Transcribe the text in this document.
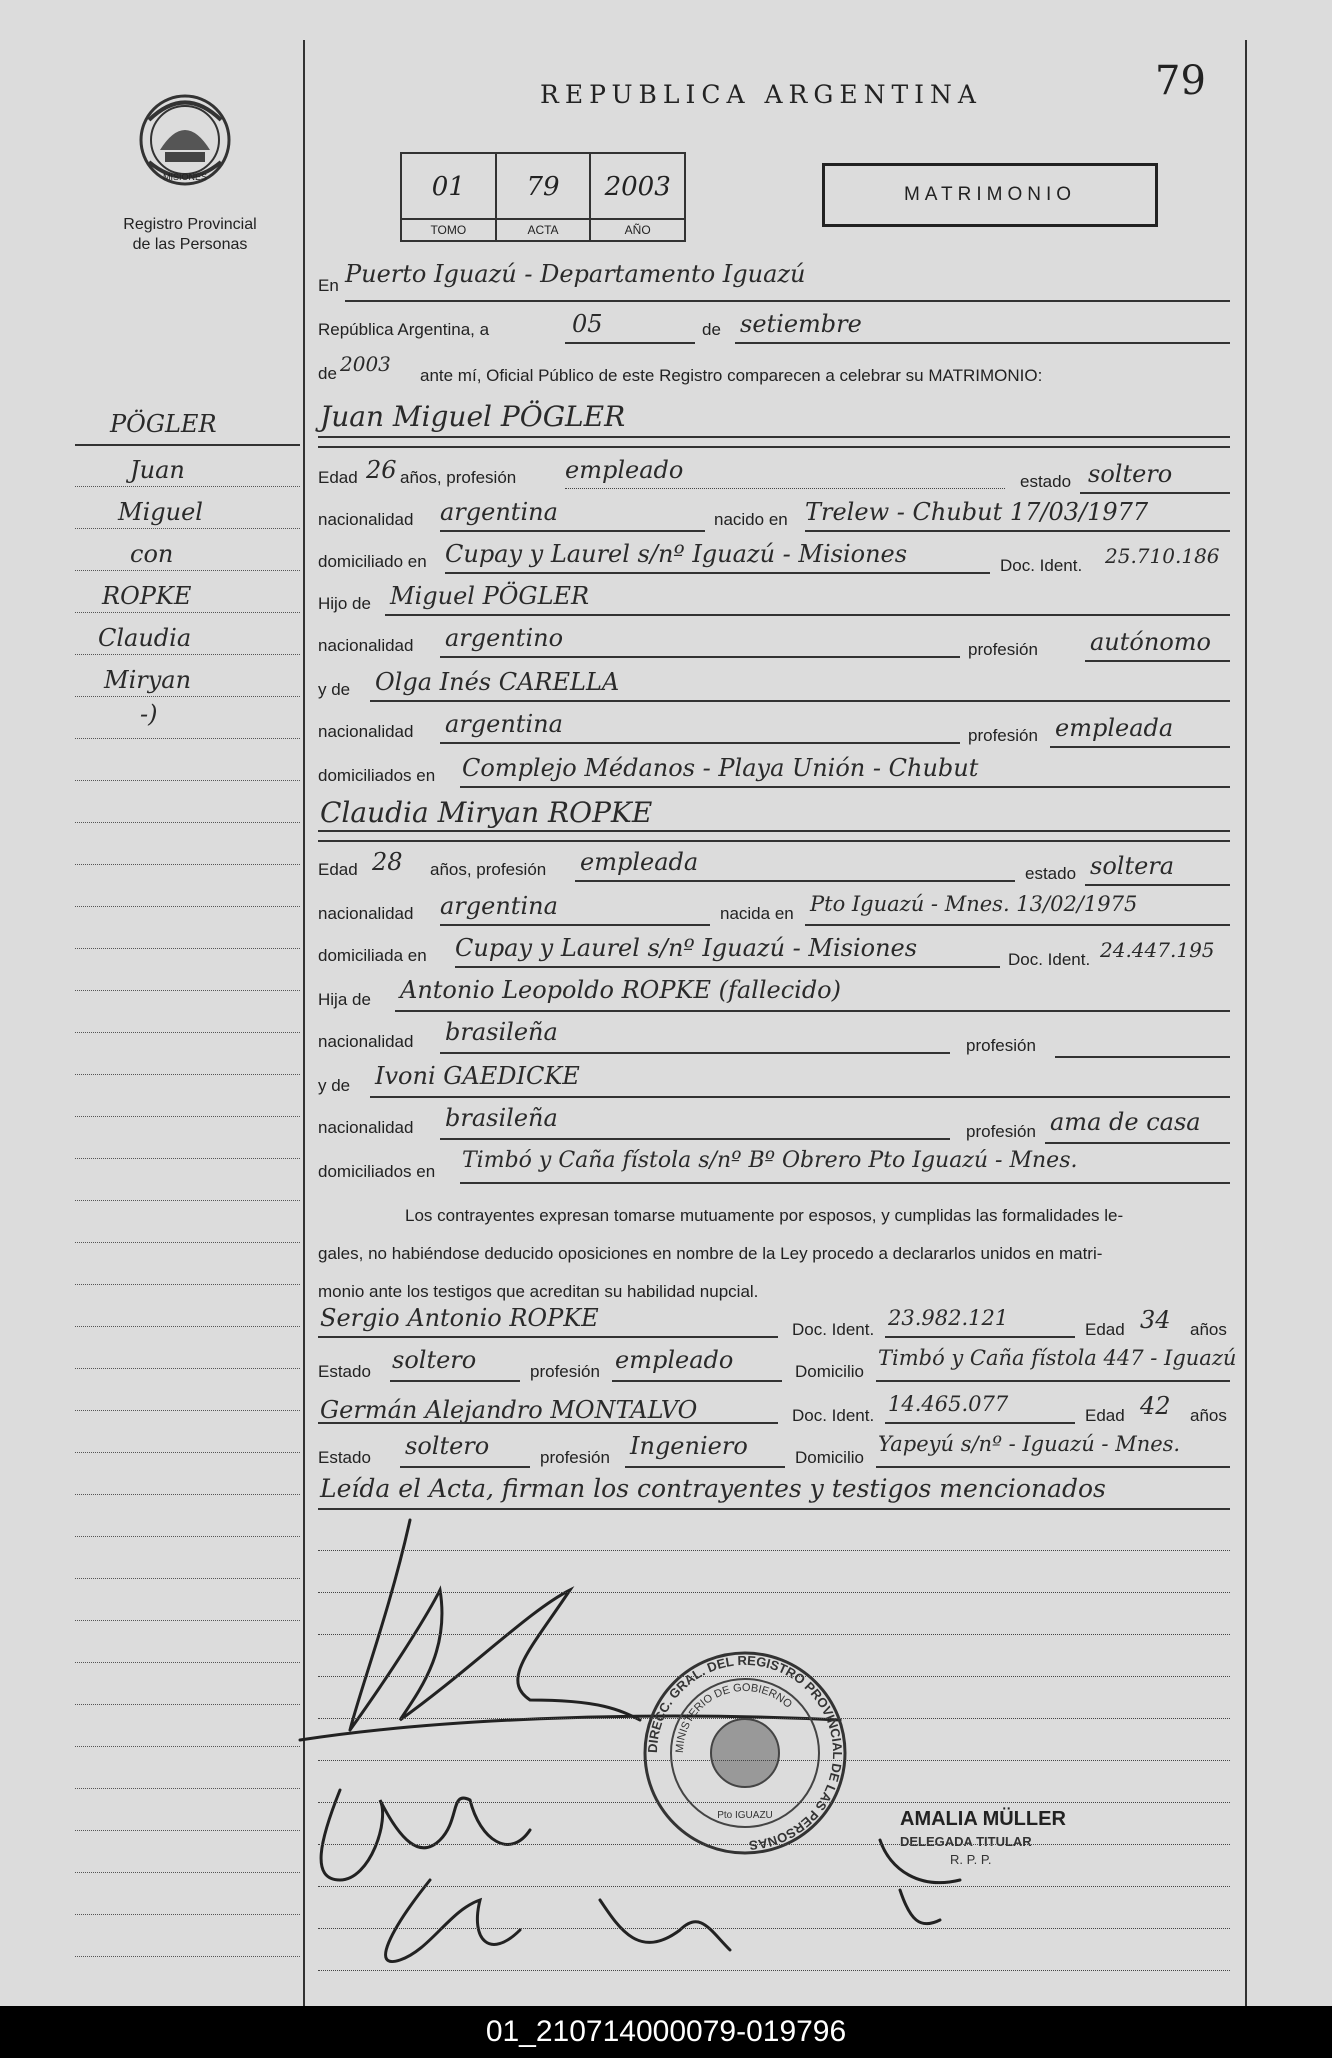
MISIONES
Registro Provincial
de las Personas
REPUBLICA ARGENTINA	79
01
TOMO
79
ACTA
2003
AÑO
MATRIMONIO
PÖGLER
Juan
Miguel
con
ROPKE
Claudia
Miryan
-)
En Puerto Iguazú - Departamento Iguazú
República Argentina, a	05	de setiembre
de 2003 ante mí, Oficial Público de este Registro comparecen a celebrar su MATRIMONIO:
Juan Miguel PÖGLER
Edad 26 años, profesión empleado	estado soltero
nacionalidad argentina	nacido en Trelew - Chubut 17/03/1977
domiciliado en Cupay y Laurel s/nº Iguazú - Misiones	Doc. Ident. 25.710.186
Hijo de Miguel PÖGLER
nacionalidad argentino	profesión autónomo
y de Olga Inés CARELLA
nacionalidad argentina	profesión empleada
domiciliados en Complejo Médanos - Playa Unión - Chubut
Claudia Miryan ROPKE
Edad 28 años, profesión empleada	estado soltera
nacionalidad argentina	nacida en Pto Iguazú - Mnes. 13/02/1975
domiciliada en Cupay y Laurel s/nº Iguazú - Misiones	Doc. Ident. 24.447.195
Hija de Antonio Leopoldo ROPKE (fallecido)
nacionalidad brasileña	profesión
y de Ivoni GAEDICKE
nacionalidad brasileña	profesión ama de casa
domiciliados en Timbó y Caña fístola s/nº Bº Obrero Pto Iguazú - Mnes.
Los contrayentes expresan tomarse mutuamente por esposos, y cumplidas las formalidades le-
gales, no habiéndose deducido oposiciones en nombre de la Ley procedo a declararlos unidos en matri-
monio ante los testigos que acreditan su habilidad nupcial.
Sergio Antonio ROPKE	Doc. Ident. 23.982.121	Edad 34 años
Estado soltero	profesión empleado	Domicilio
Timbó y Caña fístola 447 - Iguazú
Germán Alejandro MONTALVO	Doc. Ident. 14.465.077	Edad 42 años
Estado soltero	profesión Ingeniero	Domicilio
Yapeyú s/nº - Iguazú - Mnes.
Leída el Acta, firman los contrayentes y testigos mencionados
DIRECC. GRAL. DEL REGISTRO PROVINCIAL DE LAS PERSONAS
MINISTERIO DE GOBIERNO
Pto IGUAZU	AMALIA MÜLLER
DELEGADA TITULAR
R. P. P.
01_210714000079-019796
